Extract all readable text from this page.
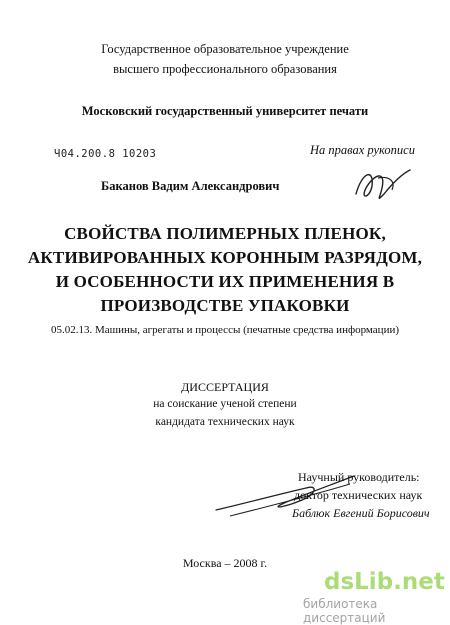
Государственное образовательное учреждение
высшего профессионального образования
Московский государственный университет печати
Ч04.200.8 10203	На правах рукописи
Баканов Вадим Александрович
СВОЙСТВА ПОЛИМЕРНЫХ ПЛЕНОК,
АКТИВИРОВАННЫХ КОРОННЫМ РАЗРЯДОМ,
И ОСОБЕННОСТИ ИХ ПРИМЕНЕНИЯ В
ПРОИЗВОДСТВЕ УПАКОВКИ
05.02.13. Машины, агрегаты и процессы (печатные средства информации)
ДИССЕРТАЦИЯ
на соискание ученой степени
кандидата технических наук
Научный руководитель:
доктор технических наук
Баблюк Евгений Борисович
Москва – 2008 г.
dsLib.net
библиотека диссертаций
